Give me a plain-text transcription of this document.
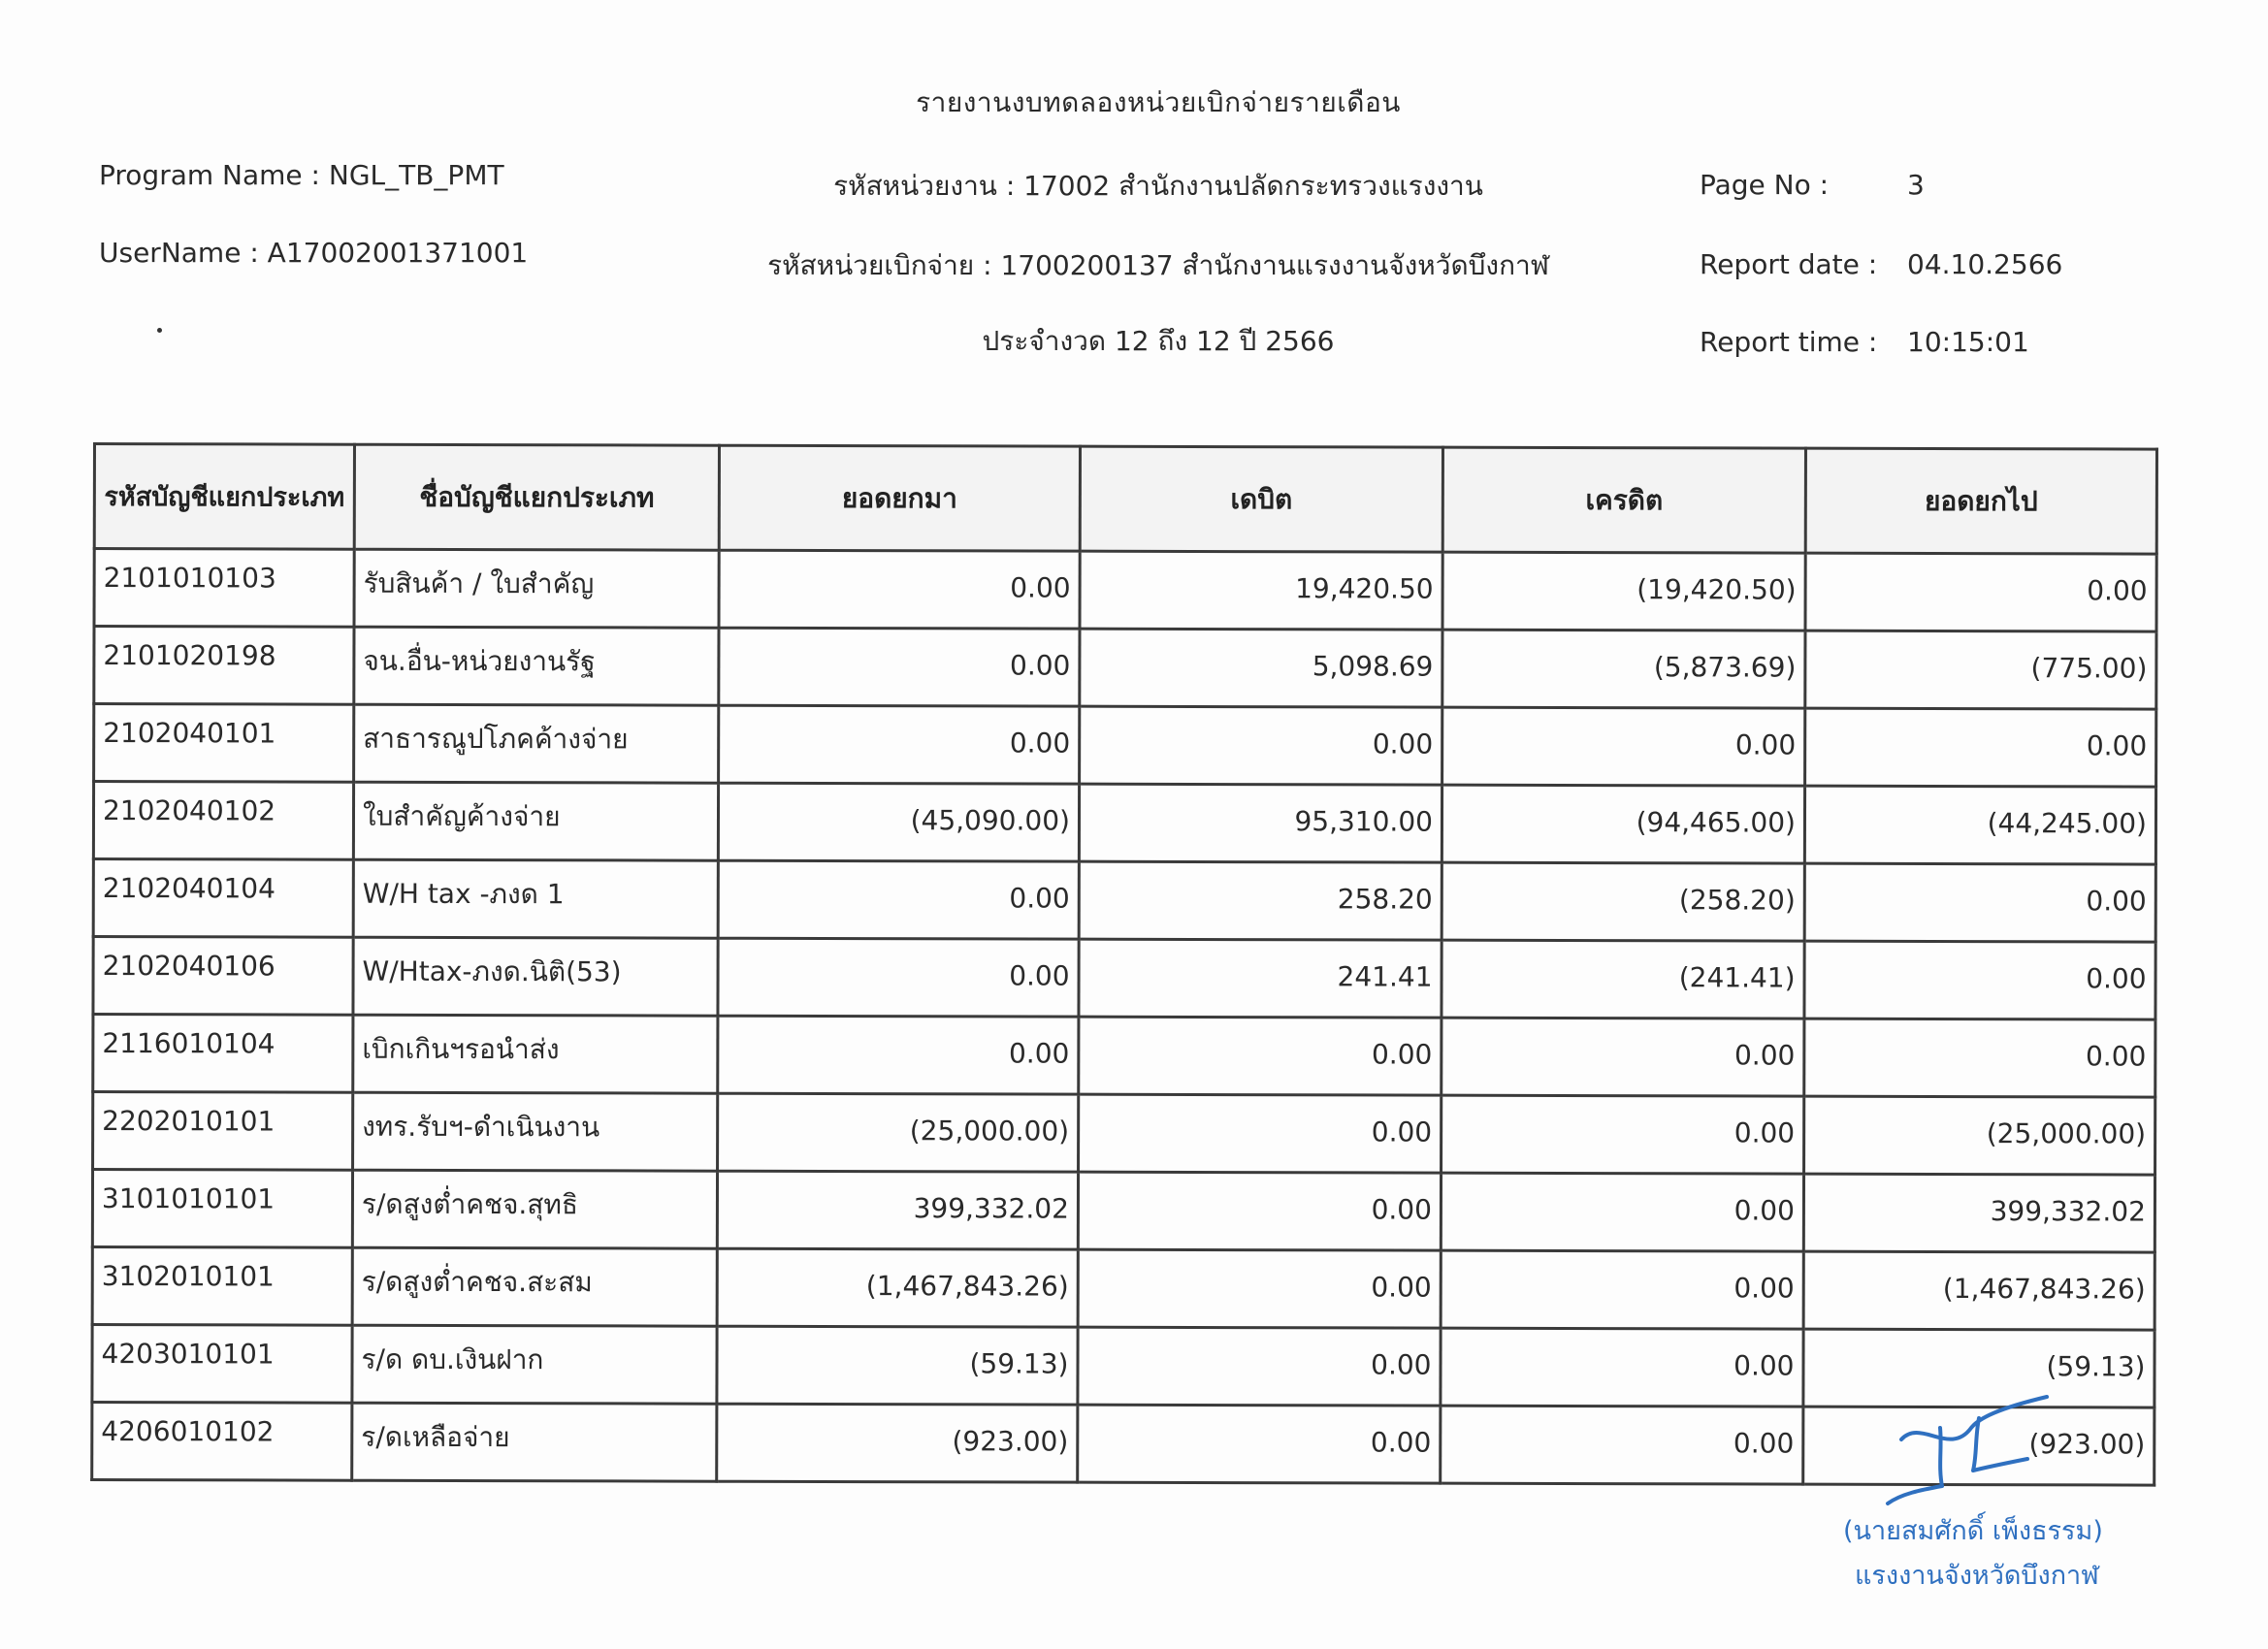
รายงานงบทดลองหน่วยเบิกจ่ายรายเดือน
Program Name : NGL_TB_PMT
UserName : A17002001371001
รหัสหน่วยงาน : 17002 สำนักงานปลัดกระทรวงแรงงาน
รหัสหน่วยเบิกจ่าย : 1700200137 สำนักงานแรงงานจังหวัดบึงกาฬ
ประจำงวด 12 ถึง 12 ปี 2566
Page No :	3
Report date : 04.10.2566
Report time : 10:15:01
รหัสบัญชีแยกประเภท	ชื่อบัญชีแยกประเภท	ยอดยกมา	เดบิต	เครดิต	ยอดยกไป
2101010103	รับสินค้า / ใบสำคัญ	0.00	19,420.50	(19,420.50)	0.00
2101020198	จน.อื่น-หน่วยงานรัฐ	0.00	5,098.69	(5,873.69)	(775.00)
2102040101	สาธารณูปโภคค้างจ่าย	0.00	0.00	0.00	0.00
2102040102	ใบสำคัญค้างจ่าย	(45,090.00)	95,310.00	(94,465.00)	(44,245.00)
2102040104	W/H tax -ภงด 1	0.00	258.20	(258.20)	0.00
2102040106	W/Htax-ภงด.นิติ(53)	0.00	241.41	(241.41)	0.00
2116010104	เบิกเกินฯรอนำส่ง	0.00	0.00	0.00	0.00
2202010101	งทร.รับฯ-ดำเนินงาน	(25,000.00)	0.00	0.00	(25,000.00)
3101010101	ร/ดสูงต่ำคชจ.สุทธิ	399,332.02	0.00	0.00	399,332.02
3102010101	ร/ดสูงต่ำคชจ.สะสม	(1,467,843.26)	0.00	0.00	(1,467,843.26)
4203010101	ร/ด ดบ.เงินฝาก	(59.13)	0.00	0.00	(59.13)
4206010102	ร/ดเหลือจ่าย	(923.00)	0.00	0.00	(923.00)
(นายสมศักดิ์ เพ็งธรรม)
แรงงานจังหวัดบึงกาฬ
